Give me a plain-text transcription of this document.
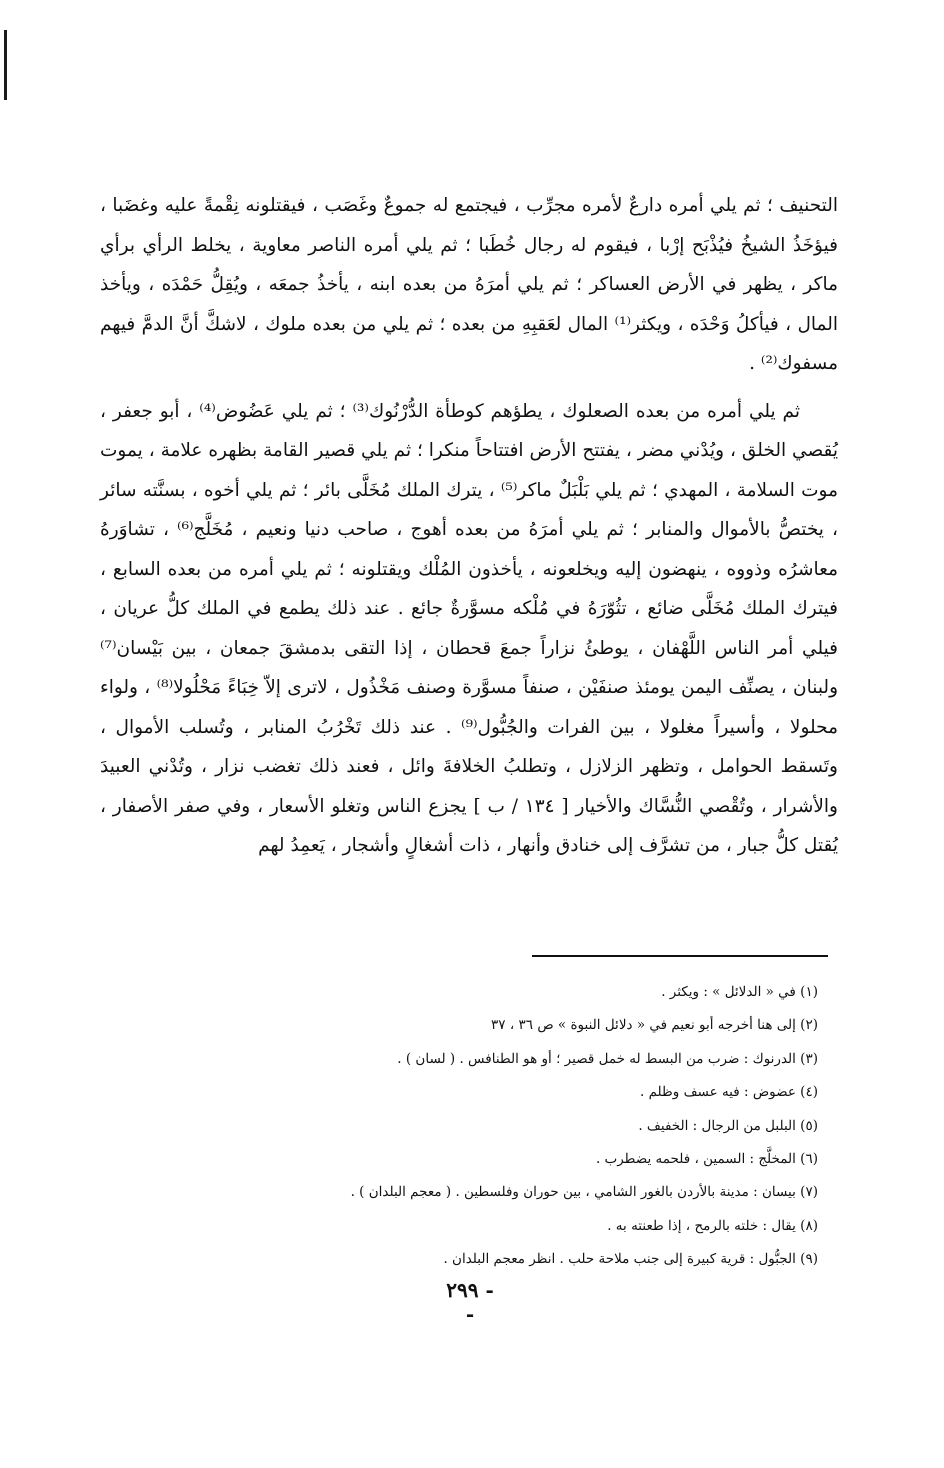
التحنيف ؛ ثم يلي أمره دارعٌ لأمره مجرِّب ، فيجتمع له جموعٌ وغَصَب ، فيقتلونه نِقْمةً عليه وغضَبا ، فيؤخَذُ الشيخُ فيُذْبَح إرْبا ، فيقوم له رجال خُطَبا ؛ ثم يلي أمره الناصر معاوية ، يخلط الرأي برأي ماكر ، يظهر في الأرض العساكر ؛ ثم يلي أمرَهُ من بعده ابنه ، يأخذُ جمعَه ، ويُقِلُّ حَمْدَه ، ويأخذ المال ، فيأكلُ وَحْدَه ، ويكثر⁽¹⁾ المال لعَقبِهِ من بعده ؛ ثم يلي من بعده ملوك ، لاشكَّ أنَّ الدمَّ فيهم مسفوك⁽²⁾ .

ثم يلي أمره من بعده الصعلوك ، يطؤهم كوطأة الدُّرْنُوك⁽³⁾ ؛ ثم يلي عَضُوض⁽⁴⁾ ، أبو جعفر ، يُقصي الخلق ، ويُدْني مضر ، يفتتح الأرض افتتاحاً منكرا ؛ ثم يلي قصير القامة بظهره علامة ، يموت موت السلامة ، المهدي ؛ ثم يلي بَلْبَلٌ ماكر⁽⁵⁾ ، يترك الملك مُخَلَّى بائر ؛ ثم يلي أخوه ، بسنَّته سائر ، يختصُّ بالأموال والمنابر ؛ ثم يلي أمرَهُ من بعده أهوج ، صاحب دنيا ونعيم ، مُخَلَّج⁽⁶⁾ ، تشاوَرهُ معاشرُه وذووه ، ينهضون إليه ويخلعونه ، يأخذون المُلْك ويقتلونه ؛ ثم يلي أمره من بعده السابع ، فيترك الملك مُخَلَّى ضائع ، تثُوّرَهُ في مُلْكه مسوَّرةٌ جائع . عند ذلك يطمع في الملك كلُّ عريان ، فيلي أمر الناس اللَّهْفان ، يوطئُ نزاراً جمعَ قحطان ، إذا التقى بدمشقَ جمعان ، بين بَيْسان⁽⁷⁾ ولبنان ، يصنِّف اليمن يومئذ صنفَيْن ، صنفاً مسوَّرة وصنف مَخْذُول ، لاترى إلاّ خِبَاءً مَحْلُولا⁽⁸⁾ ، ولواء محلولا ، وأسيراً مغلولا ، بين الفرات والجُبُّول⁽⁹⁾ . عند ذلك تَخْرُبُ المنابر ، وتُسلب الأموال ، وتَسقط الحوامل ، وتظهر الزلازل ، وتطلبُ الخلافةَ وائل ، فعند ذلك تغضب نزار ، وتُدْني العبيدَ والأشرار ، وتُقْصي النُّسَّاك والأخيار [ ١٣٤ / ب ] يجزع الناس وتغلو الأسعار ، وفي صفر الأصفار ، يُقتل كلُّ جبار ، من تشرَّف إلى خنادق وأنهار ، ذات أشغالٍ وأشجار ، يَعمِدُ لهم

(١) في « الدلائل » : ويكثر .
(٢) إلى هنا أخرجه أبو نعيم في « دلائل النبوة » ص ٣٦ ، ٣٧
(٣) الدرنوك : ضرب من البسط له خمل قصير ؛ أو هو الطنافس . ( لسان ) .
(٤) عضوض : فيه عسف وظلم .
(٥) البلبل من الرجال : الخفيف .
(٦) المخلَّج : السمين ، فلحمه يضطرب .
(٧) بيسان : مدينة بالأردن بالغور الشامي ، بين حوران وفلسطين . ( معجم البلدان ) .
(٨) يقال : خلته بالرمح ، إذا طعنته به .
(٩) الجبُّول : قرية كبيرة إلى جنب ملاحة حلب . انظر معجم البلدان .
- ٢٩٩ -
